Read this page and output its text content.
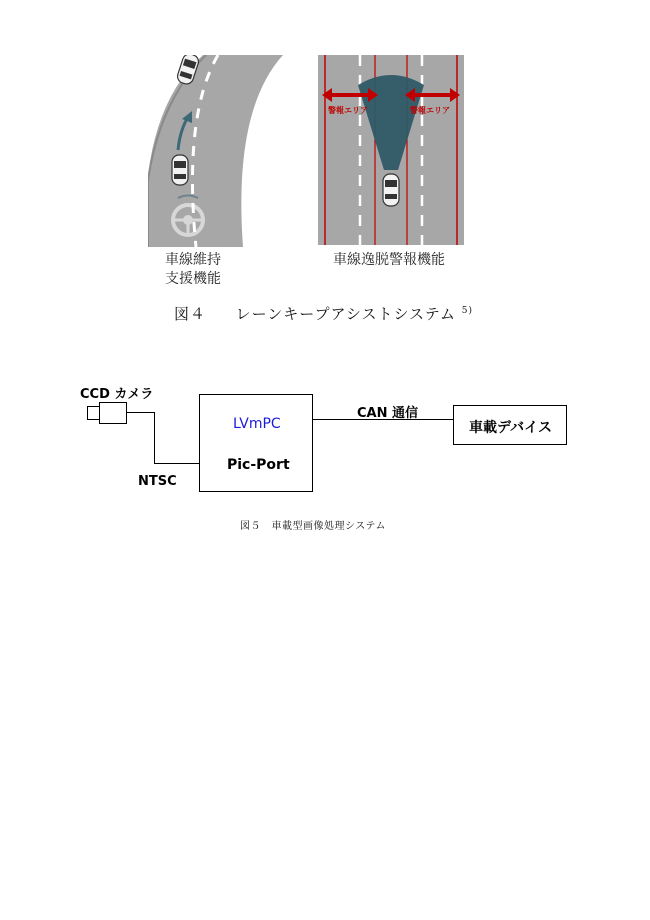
警報エリア	警報エリア
車線維持
支援機能
車線逸脱警報機能
図４ レーンキープアシストシステム $^{5)}$
CCD カメラ
NTSC
LVmPC
Pic-Port
CAN 通信
車載デバイス
図５　車載型画像処理システム
